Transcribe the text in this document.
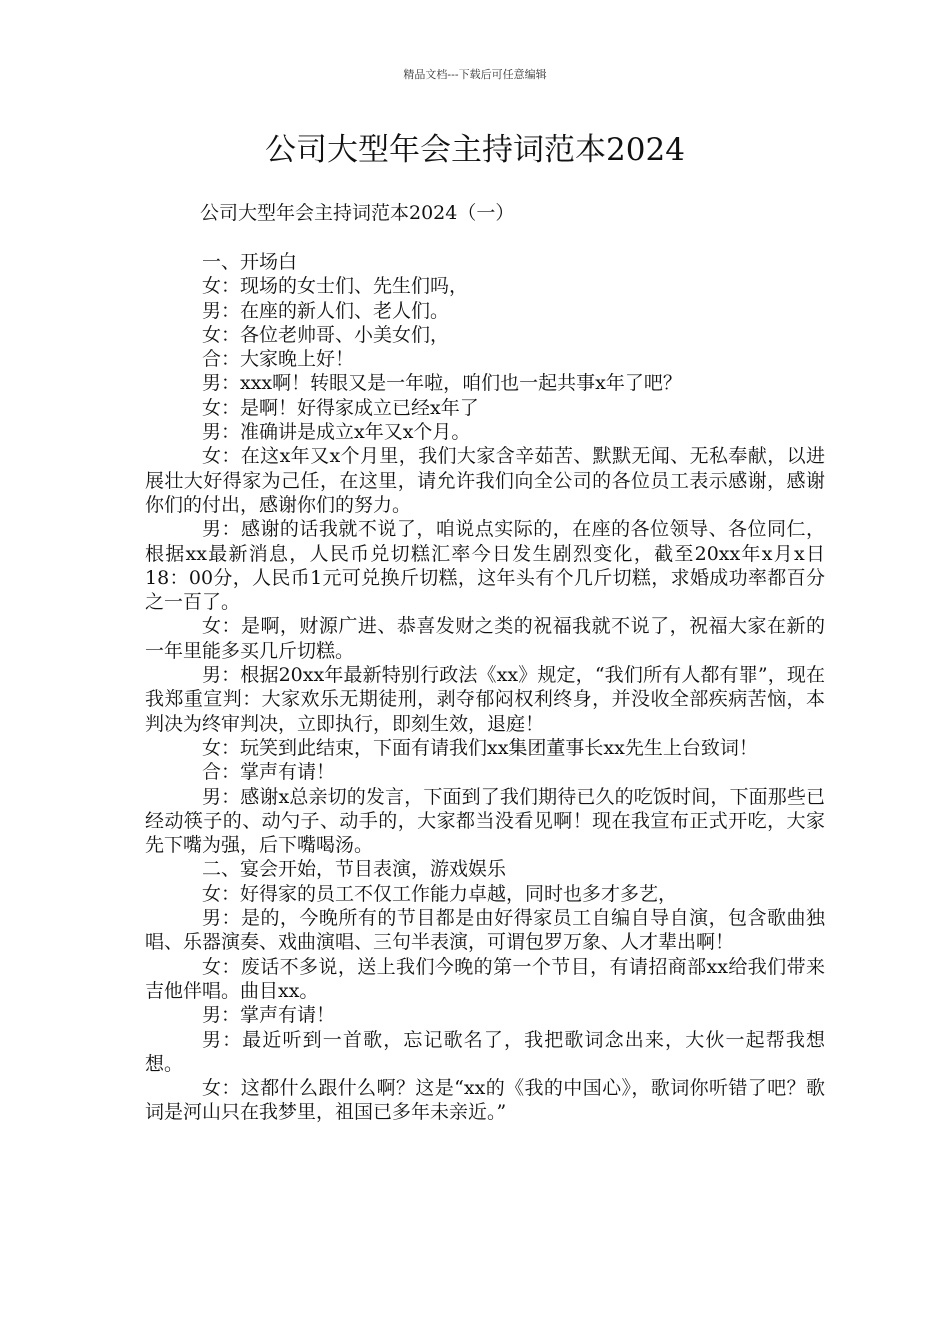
精品文档---下载后可任意编辑
公司大型年会主持词范本2024
公司大型年会主持词范本2024（一）

一、开场白

女：现场的女士们、先生们吗，

男：在座的新人们、老人们。

女：各位老帅哥、小美女们，

合：大家晚上好！

男：xxx啊！转眼又是一年啦，咱们也一起共事x年了吧？

女：是啊！好得家成立已经x年了

男：准确讲是成立x年又x个月。

女：在这x年又x个月里，我们大家含辛茹苦、默默无闻、无私奉献，以进展壮大好得家为己任，在这里，请允许我们向全公司的各位员工表示感谢，感谢你们的付出，感谢你们的努力。

男：感谢的话我就不说了，咱说点实际的，在座的各位领导、各位同仁，根据xx最新消息，人民币兑切糕汇率今日发生剧烈变化，截至20xx年x月x日18：00分，人民币1元可兑换斤切糕，这年头有个几斤切糕，求婚成功率都百分之一百了。

女：是啊，财源广进、恭喜发财之类的祝福我就不说了，祝福大家在新的一年里能多买几斤切糕。

男：根据20xx年最新特别行政法《xx》规定，“我们所有人都有罪”，现在我郑重宣判：大家欢乐无期徒刑，剥夺郁闷权利终身，并没收全部疾病苦恼，本判决为终审判决，立即执行，即刻生效，退庭！

女：玩笑到此结束，下面有请我们xx集团董事长xx先生上台致词！

合：掌声有请！

男：感谢x总亲切的发言，下面到了我们期待已久的吃饭时间，下面那些已经动筷子的、动勺子、动手的，大家都当没看见啊！现在我宣布正式开吃，大家先下嘴为强，后下嘴喝汤。

二、宴会开始，节目表演，游戏娱乐

女：好得家的员工不仅工作能力卓越，同时也多才多艺，

男：是的，今晚所有的节目都是由好得家员工自编自导自演，包含歌曲独唱、乐器演奏、戏曲演唱、三句半表演，可谓包罗万象、人才辈出啊！

女：废话不多说，送上我们今晚的第一个节目，有请招商部xx给我们带来吉他伴唱。曲目xx。

男：掌声有请！

男：最近听到一首歌，忘记歌名了，我把歌词念出来，大伙一起帮我想想。

女：这都什么跟什么啊？这是“xx的《我的中国心》，歌词你听错了吧？歌词是河山只在我梦里，祖国已多年未亲近。”
